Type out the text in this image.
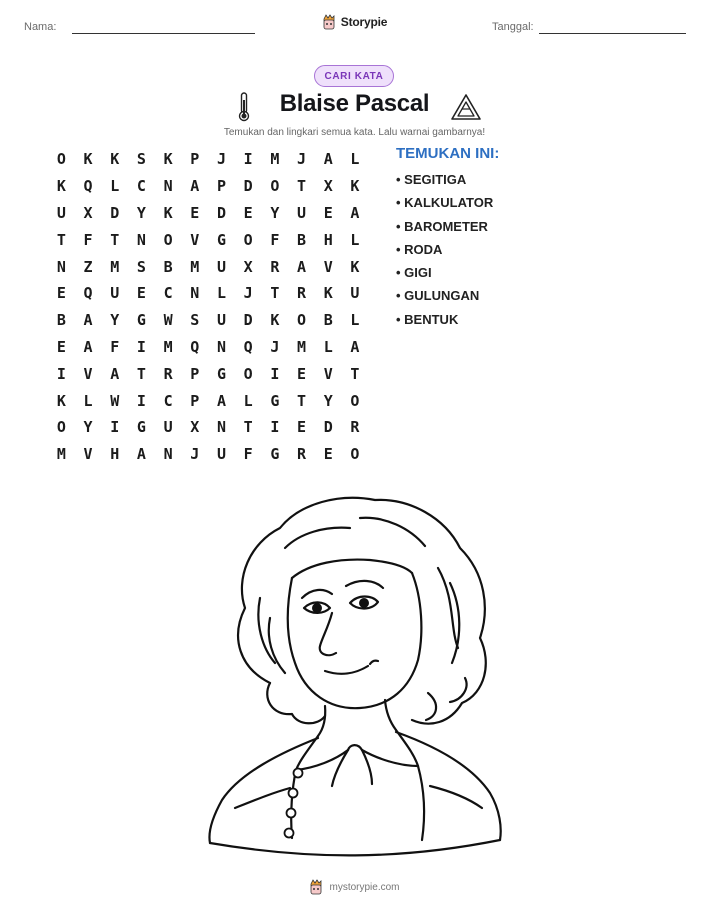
Nama:	Storypie	Tanggal:
CARI KATA
Blaise Pascal
Temukan dan lingkari semua kata. Lalu warnai gambarnya!
O	K	K	S	K	P	J	I	M	J	A	L
K	Q	L	C	N	A	P	D	O	T	X	K
U	X	D	Y	K	E	D	E	Y	U	E	A
T	F	T	N	O	V	G	O	F	B	H	L
N	Z	M	S	B	M	U	X	R	A	V	K
E	Q	U	E	C	N	L	J	T	R	K	U
B	A	Y	G	W	S	U	D	K	O	B	L
E	A	F	I	M	Q	N	Q	J	M	L	A
I	V	A	T	R	P	G	O	I	E	V	T
K	L	W	I	C	P	A	L	G	T	Y	O
O	Y	I	G	U	X	N	T	I	E	D	R
M	V	H	A	N	J	U	F	G	R	E	O
TEMUKAN INI:
• SEGITIGA
• KALKULATOR
• BAROMETER
• RODA
• GIGI
• GULUNGAN
• BENTUK
mystorypie.com
